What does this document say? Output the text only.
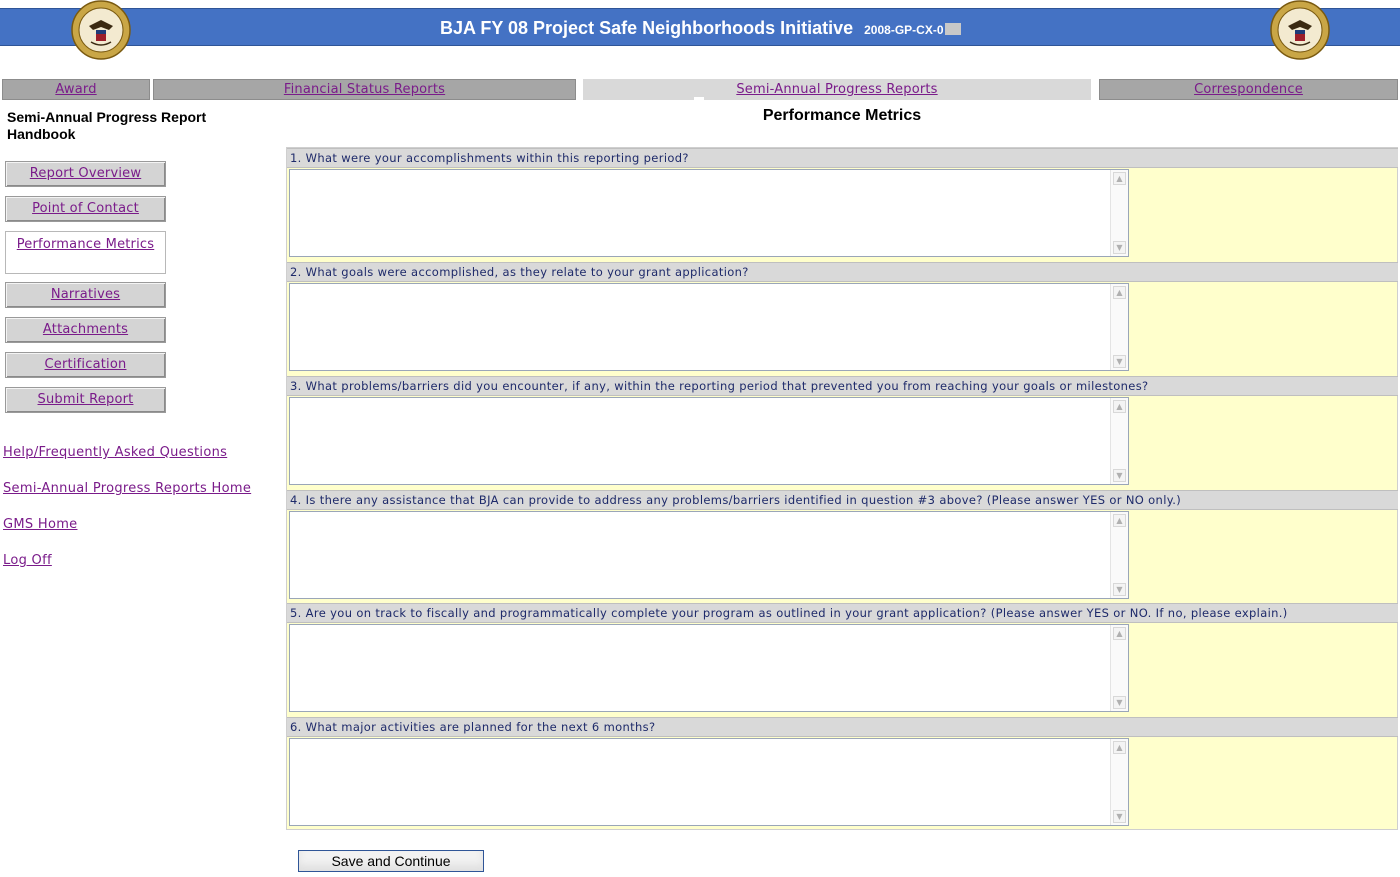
BJA FY 08 Project Safe Neighborhoods Initiative 2008-GP-CX-0
Award	Financial Status Reports	Semi-Annual Progress Reports	Correspondence
Semi-Annual Progress Report Handbook
Report Overview
Point of Contact
Performance Metrics
Narratives
Attachments
Certification
Submit Report
Help/Frequently Asked Questions
Semi-Annual Progress Reports Home
GMS Home
Log Off
Performance Metrics
1. What were your accomplishments within this reporting period?
▲
▼
2. What goals were accomplished, as they relate to your grant application?
▲
▼
3. What problems/barriers did you encounter, if any, within the reporting period that prevented you from reaching your goals or milestones?
▲
▼
4. Is there any assistance that BJA can provide to address any problems/barriers identified in question #3 above? (Please answer YES or NO only.)
▲
▼
5. Are you on track to fiscally and programmatically complete your program as outlined in your grant application? (Please answer YES or NO. If no, please explain.)
▲
▼
6. What major activities are planned for the next 6 months?
▲
▼
Save and Continue
